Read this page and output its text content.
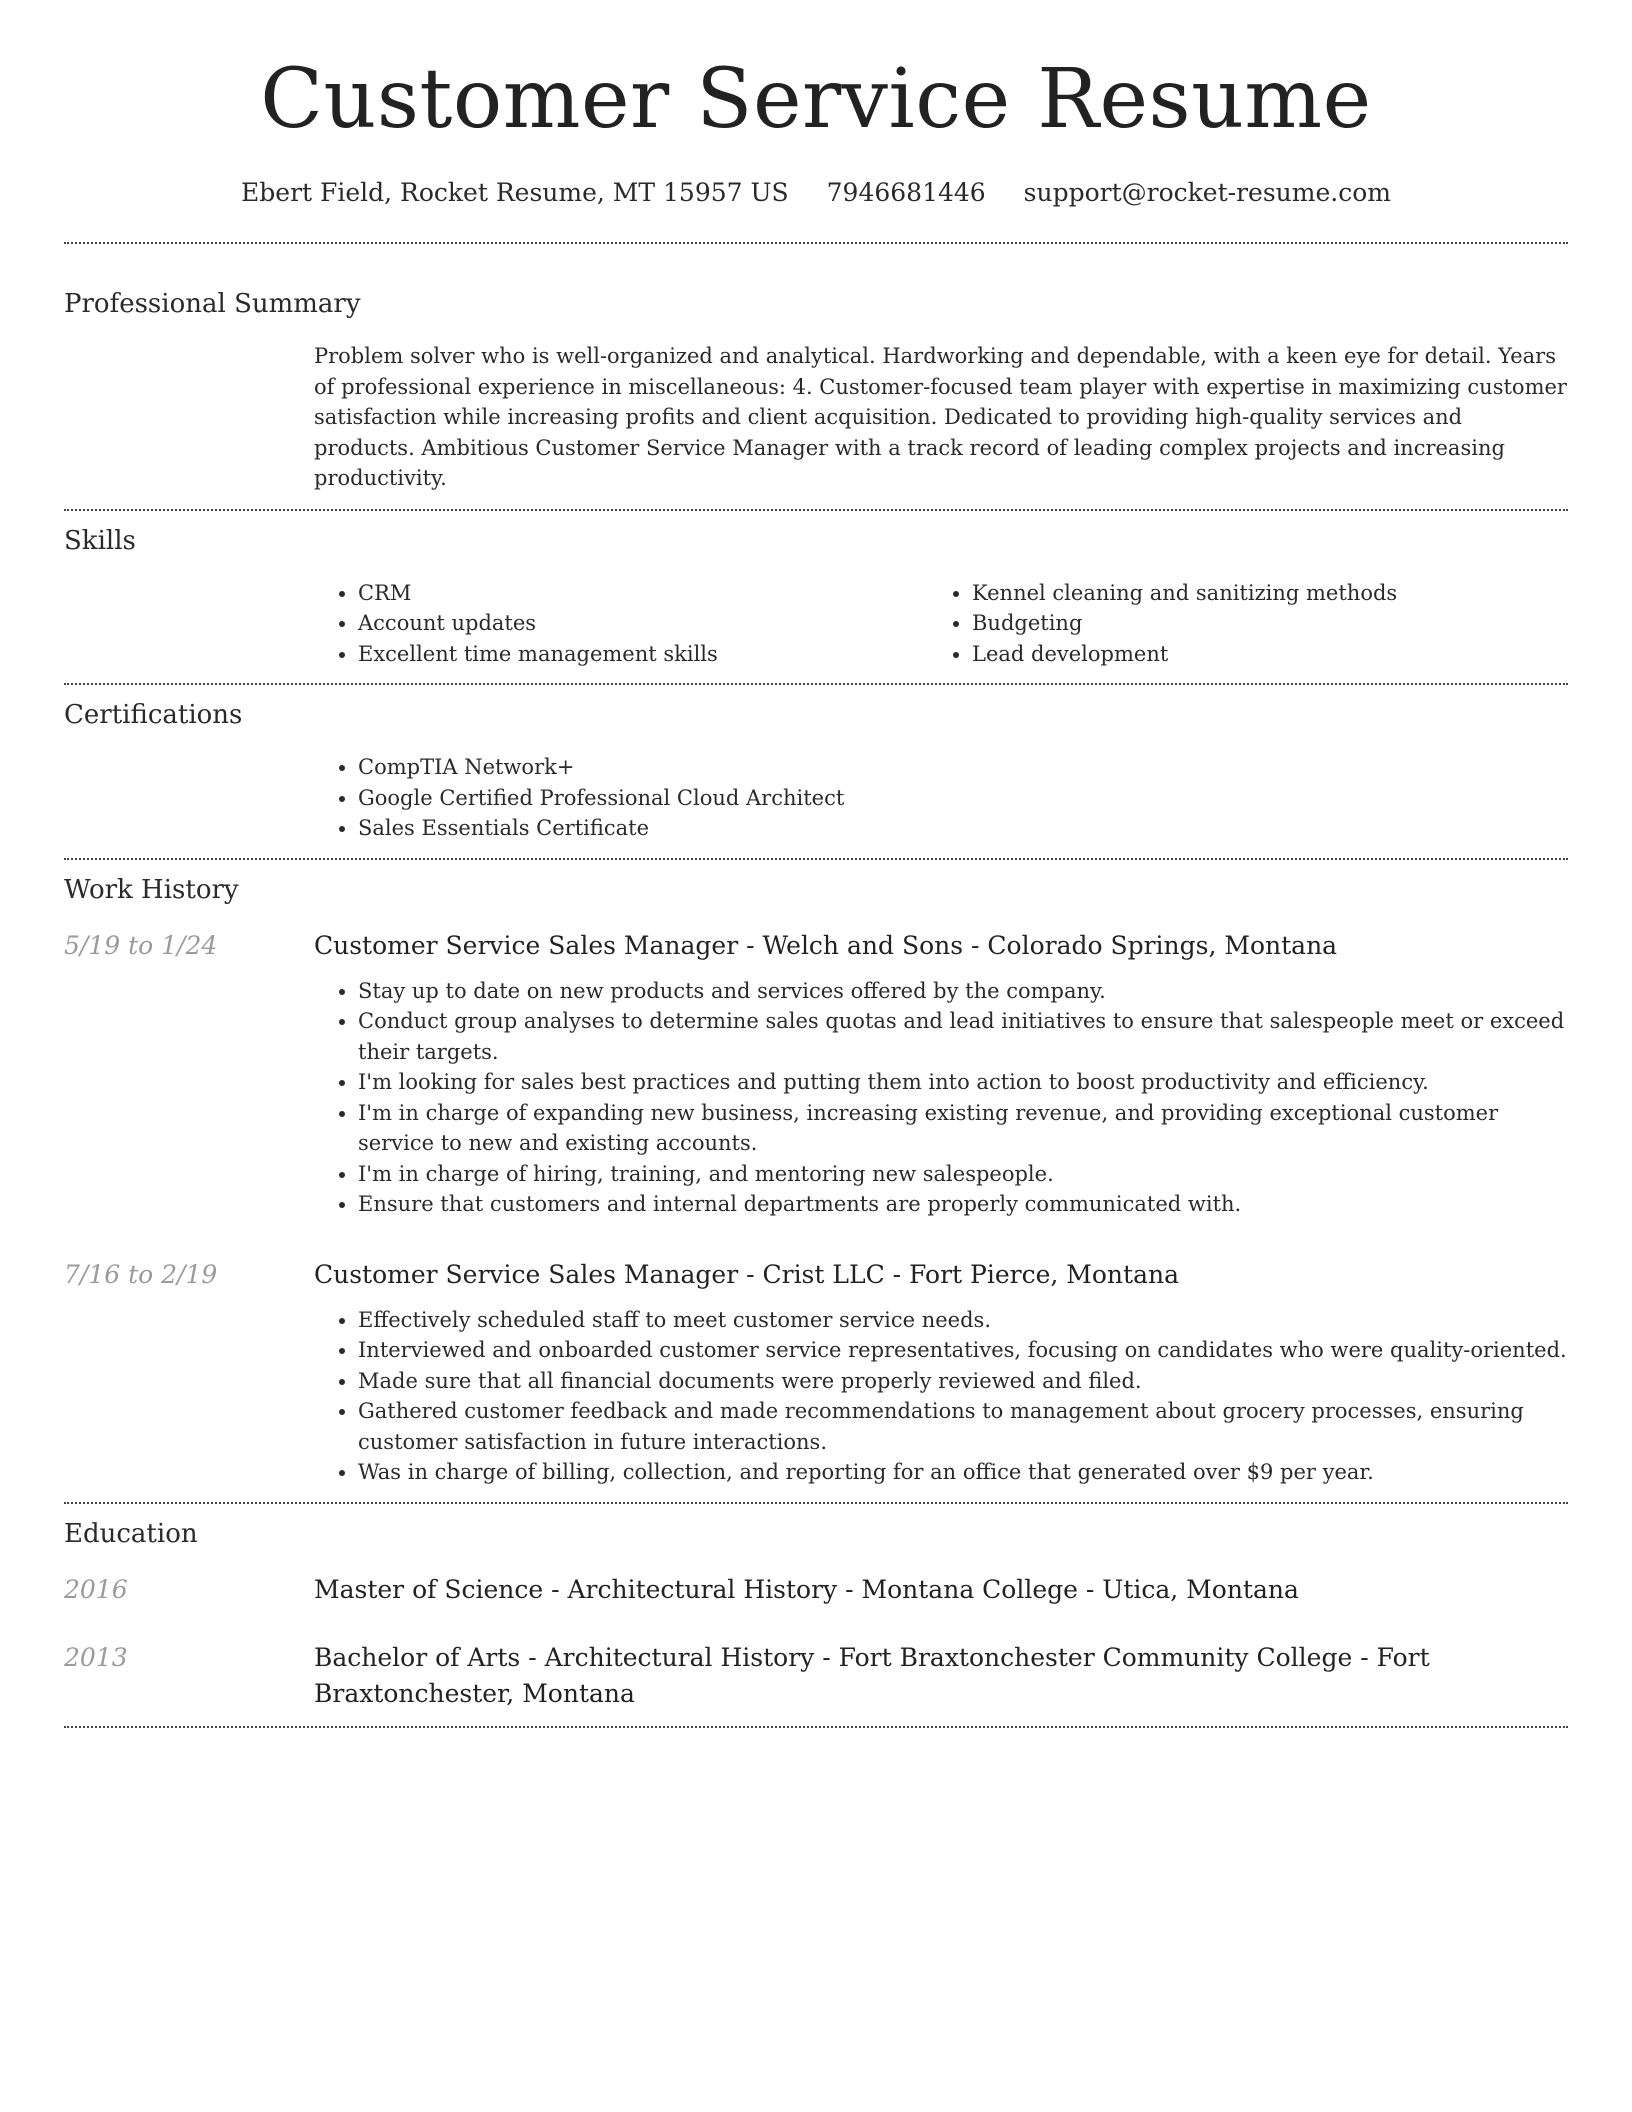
Customer Service Resume
Ebert Field, Rocket Resume, MT 15957 US 7946681446 support@rocket-resume.com
Professional Summary
Problem solver who is well-organized and analytical. Hardworking and dependable, with a keen eye for detail. Years of professional experience in miscellaneous: 4. Customer-focused team player with expertise in maximizing customer satisfaction while increasing profits and client acquisition. Dedicated to providing high-quality services and products. Ambitious Customer Service Manager with a track record of leading complex projects and increasing productivity.
Skills
• CRM
• Account updates
• Excellent time management skills
• Kennel cleaning and sanitizing methods
• Budgeting
• Lead development
Certifications
• CompTIA Network+
• Google Certified Professional Cloud Architect
• Sales Essentials Certificate
Work History
5/19 to 1/24	Customer Service Sales Manager - Welch and Sons - Colorado Springs, Montana
• Stay up to date on new products and services offered by the company.
• Conduct group analyses to determine sales quotas and lead initiatives to ensure that salespeople meet or exceed their targets.
• I'm looking for sales best practices and putting them into action to boost productivity and efficiency.
• I'm in charge of expanding new business, increasing existing revenue, and providing exceptional customer service to new and existing accounts.
• I'm in charge of hiring, training, and mentoring new salespeople.
• Ensure that customers and internal departments are properly communicated with.
7/16 to 2/19	Customer Service Sales Manager - Crist LLC - Fort Pierce, Montana
• Effectively scheduled staff to meet customer service needs.
• Interviewed and onboarded customer service representatives, focusing on candidates who were quality-oriented.
• Made sure that all financial documents were properly reviewed and filed.
• Gathered customer feedback and made recommendations to management about grocery processes, ensuring customer satisfaction in future interactions.
• Was in charge of billing, collection, and reporting for an office that generated over $9 per year.
Education
2016	Master of Science - Architectural History - Montana College - Utica, Montana
2013	Bachelor of Arts - Architectural History - Fort Braxtonchester Community College - Fort Braxtonchester, Montana
